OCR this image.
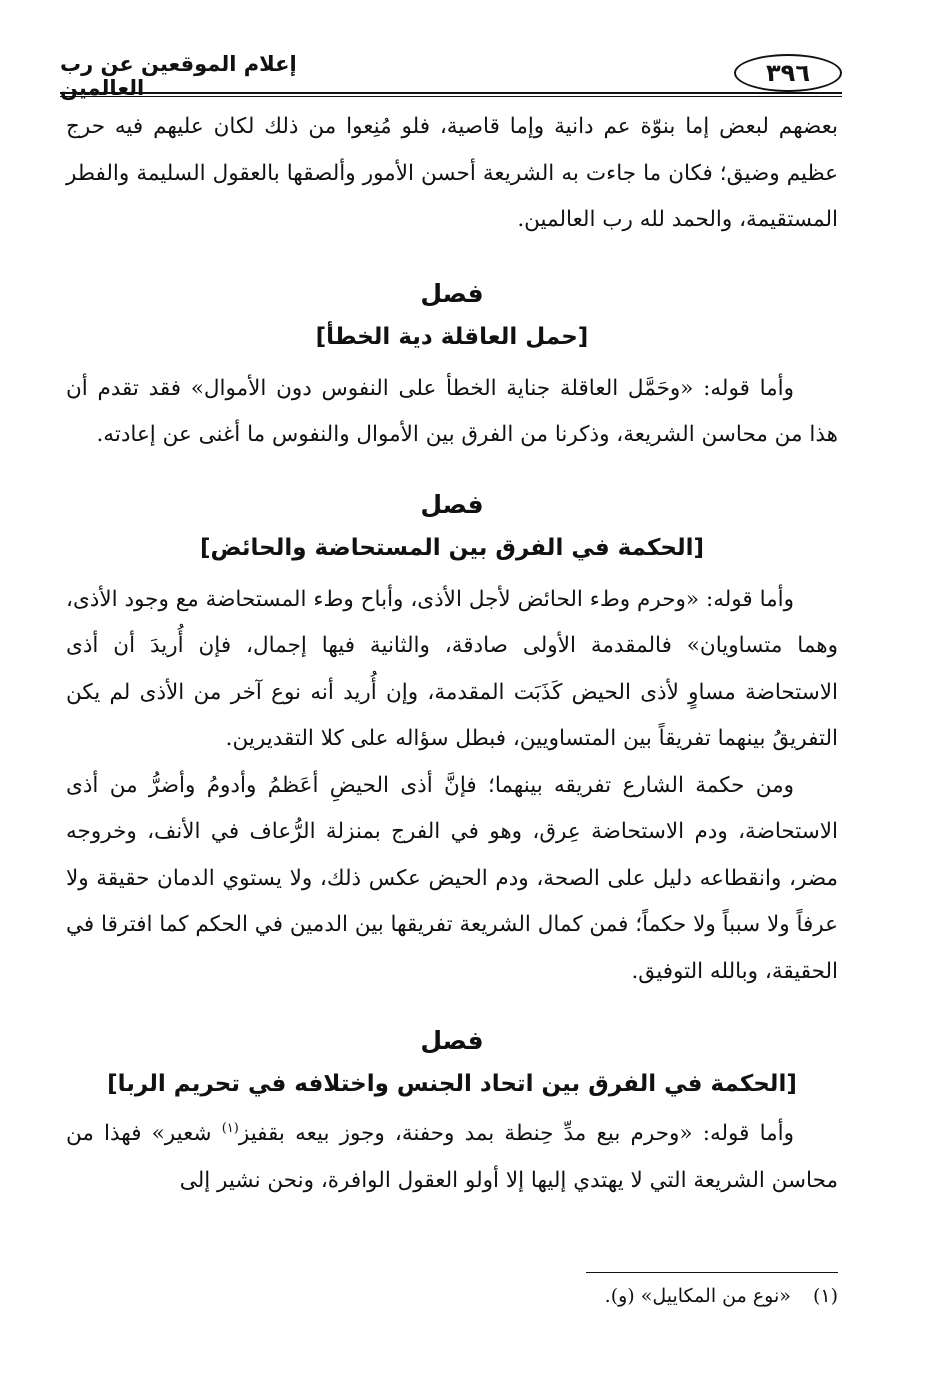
إعلام الموقعين عن رب العالمين
٣٩٦

بعضهم لبعض إما بنوّة عم دانية وإما قاصية، فلو مُنِعوا من ذلك لكان عليهم فيه حرج عظيم وضيق؛ فكان ما جاءت به الشريعة أحسن الأمور وألصقها بالعقول السليمة والفطر المستقيمة، والحمد لله رب العالمين.

فصل
[حمل العاقلة دية الخطأ]

وأما قوله: «وحَمَّل العاقلة جناية الخطأ على النفوس دون الأموال» فقد تقدم أن هذا من محاسن الشريعة، وذكرنا من الفرق بين الأموال والنفوس ما أغنى عن إعادته.

فصل
[الحكمة في الفرق بين المستحاضة والحائض]

وأما قوله: «وحرم وطء الحائض لأجل الأذى، وأباح وطء المستحاضة مع وجود الأذى، وهما متساويان» فالمقدمة الأولى صادقة، والثانية فيها إجمال، فإن أُريدَ أن أذى الاستحاضة مساوٍ لأذى الحيض كَذَبَت المقدمة، وإن أُريد أنه نوع آخر من الأذى لم يكن التفريقُ بينهما تفريقاً بين المتساويين، فبطل سؤاله على كلا التقديرين.

ومن حكمة الشارع تفريقه بينهما؛ فإنَّ أذى الحيضِ أعَظمُ وأدومُ وأضرُّ من أذى الاستحاضة، ودم الاستحاضة عِرق، وهو في الفرج بمنزلة الرُّعاف في الأنف، وخروجه مضر، وانقطاعه دليل على الصحة، ودم الحيض عكس ذلك، ولا يستوي الدمان حقيقة ولا عرفاً ولا سبباً ولا حكماً؛ فمن كمال الشريعة تفريقها بين الدمين في الحكم كما افترقا في الحقيقة، وبالله التوفيق.

فصل
[الحكمة في الفرق بين اتحاد الجنس واختلافه في تحريم الربا]

وأما قوله: «وحرم بيع مدِّ حِنطة بمد وحفنة، وجوز بيعه بقفيز$^{(١)}$ شعير» فهذا من محاسن الشريعة التي لا يهتدي إليها إلا أولو العقول الوافرة، ونحن نشير إلى

(١) «نوع من المكاييل» (و).
